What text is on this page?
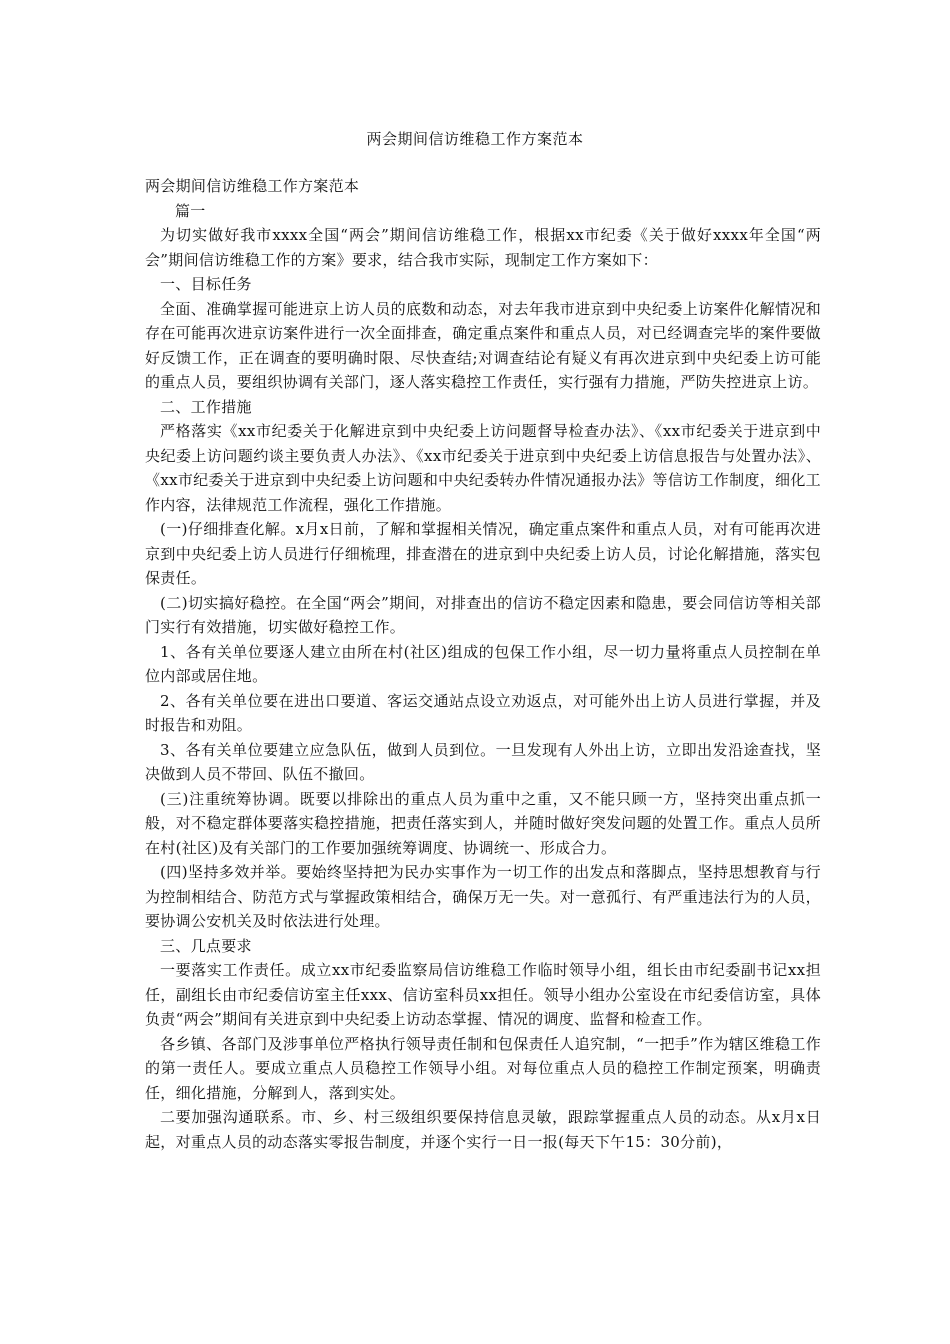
两会期间信访维稳工作方案范本

两会期间信访维稳工作方案范本

篇一

为切实做好我市xxxx全国“两会”期间信访维稳工作，根据xx市纪委《关于做好xxxx年全国“两会”期间信访维稳工作的方案》要求，结合我市实际，现制定工作方案如下：

一、目标任务

全面、准确掌握可能进京上访人员的底数和动态，对去年我市进京到中央纪委上访案件化解情况和存在可能再次进京访案件进行一次全面排查，确定重点案件和重点人员，对已经调查完毕的案件要做好反馈工作，正在调查的要明确时限、尽快查结;对调查结论有疑义有再次进京到中央纪委上访可能的重点人员，要组织协调有关部门，逐人落实稳控工作责任，实行强有力措施，严防失控进京上访。

二、工作措施

严格落实《xx市纪委关于化解进京到中央纪委上访问题督导检查办法》、《xx市纪委关于进京到中央纪委上访问题约谈主要负责人办法》、《xx市纪委关于进京到中央纪委上访信息报告与处置办法》、《xx市纪委关于进京到中央纪委上访问题和中央纪委转办件情况通报办法》等信访工作制度，细化工作内容，法律规范工作流程，强化工作措施。

(一)仔细排查化解。x月x日前，了解和掌握相关情况，确定重点案件和重点人员，对有可能再次进京到中央纪委上访人员进行仔细梳理，排查潜在的进京到中央纪委上访人员，讨论化解措施，落实包保责任。

(二)切实搞好稳控。在全国“两会”期间，对排查出的信访不稳定因素和隐患，要会同信访等相关部门实行有效措施，切实做好稳控工作。

1、各有关单位要逐人建立由所在村(社区)组成的包保工作小组，尽一切力量将重点人员控制在单位内部或居住地。

2、各有关单位要在进出口要道、客运交通站点设立劝返点，对可能外出上访人员进行掌握，并及时报告和劝阻。

3、各有关单位要建立应急队伍，做到人员到位。一旦发现有人外出上访，立即出发沿途查找，坚决做到人员不带回、队伍不撤回。

(三)注重统筹协调。既要以排除出的重点人员为重中之重，又不能只顾一方，坚持突出重点抓一般，对不稳定群体要落实稳控措施，把责任落实到人，并随时做好突发问题的处置工作。重点人员所在村(社区)及有关部门的工作要加强统筹调度、协调统一、形成合力。

(四)坚持多效并举。要始终坚持把为民办实事作为一切工作的出发点和落脚点，坚持思想教育与行为控制相结合、防范方式与掌握政策相结合，确保万无一失。对一意孤行、有严重违法行为的人员，要协调公安机关及时依法进行处理。

三、几点要求

一要落实工作责任。成立xx市纪委监察局信访维稳工作临时领导小组，组长由市纪委副书记xx担任，副组长由市纪委信访室主任xxx、信访室科员xx担任。领导小组办公室设在市纪委信访室，具体负责“两会”期间有关进京到中央纪委上访动态掌握、情况的调度、监督和检查工作。

各乡镇、各部门及涉事单位严格执行领导责任制和包保责任人追究制，“一把手”作为辖区维稳工作的第一责任人。要成立重点人员稳控工作领导小组。对每位重点人员的稳控工作制定预案，明确责任，细化措施，分解到人，落到实处。

二要加强沟通联系。市、乡、村三级组织要保持信息灵敏，跟踪掌握重点人员的动态。从x月x日起，对重点人员的动态落实零报告制度，并逐个实行一日一报(每天下午15：30分前)，
